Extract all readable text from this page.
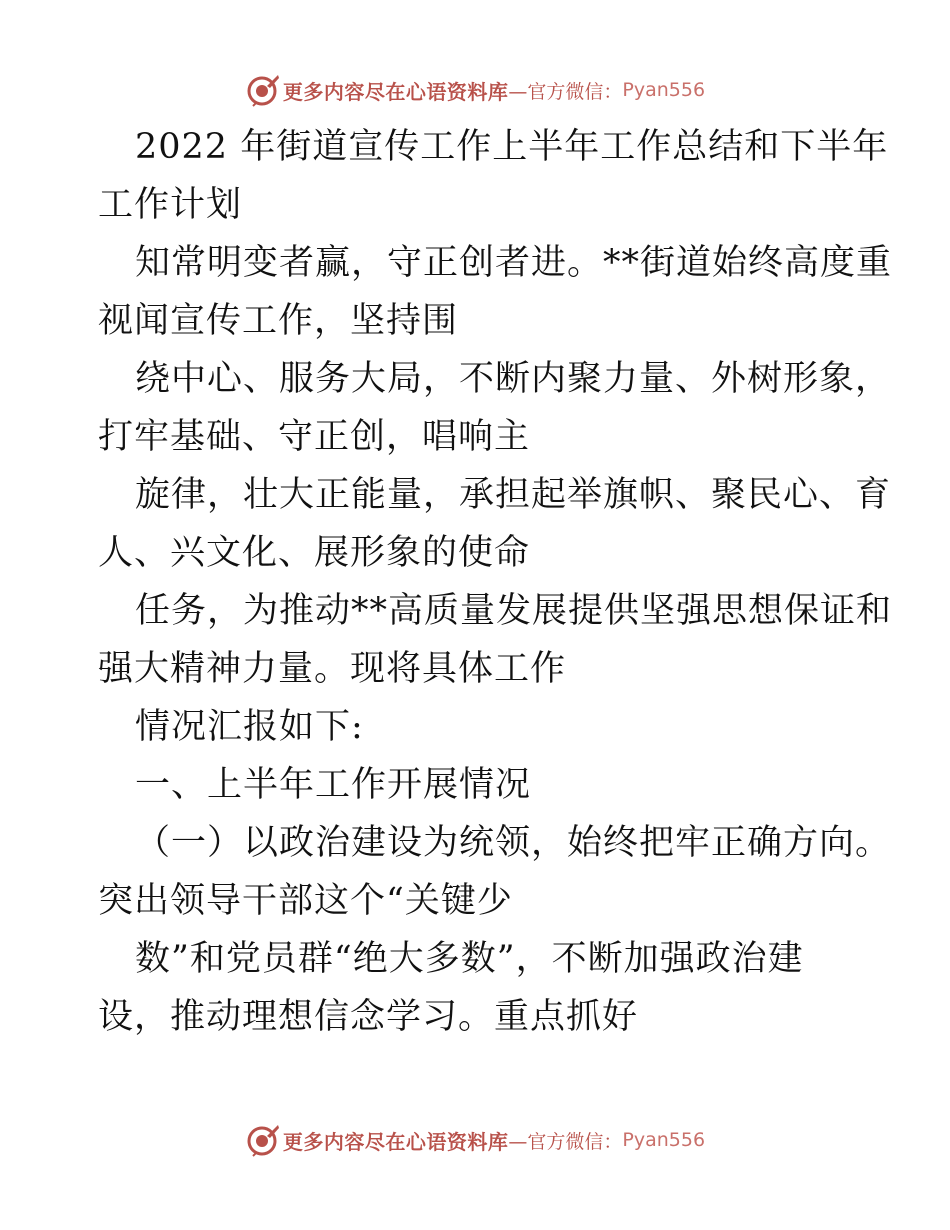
更多内容尽在心语资料库 —官方微信： Pyan556
2022 年街道宣传工作上半年工作总结和下半年
工作计划
知常明变者赢，守正创者进。**街道始终高度重
视闻宣传工作，坚持围
绕中心、服务大局，不断内聚力量、外树形象，
打牢基础、守正创，唱响主
旋律，壮大正能量，承担起举旗帜、聚民心、育
人、兴文化、展形象的使命
任务，为推动**高质量发展提供坚强思想保证和
强大精神力量。现将具体工作
情况汇报如下:
一、上半年工作开展情况
（一）以政治建设为统领，始终把牢正确方向。
突出领导干部这个“关键少
数”和党员群“绝大多数”，不断加强政治建
设，推动理想信念学习。重点抓好
更多内容尽在心语资料库 —官方微信： Pyan556
